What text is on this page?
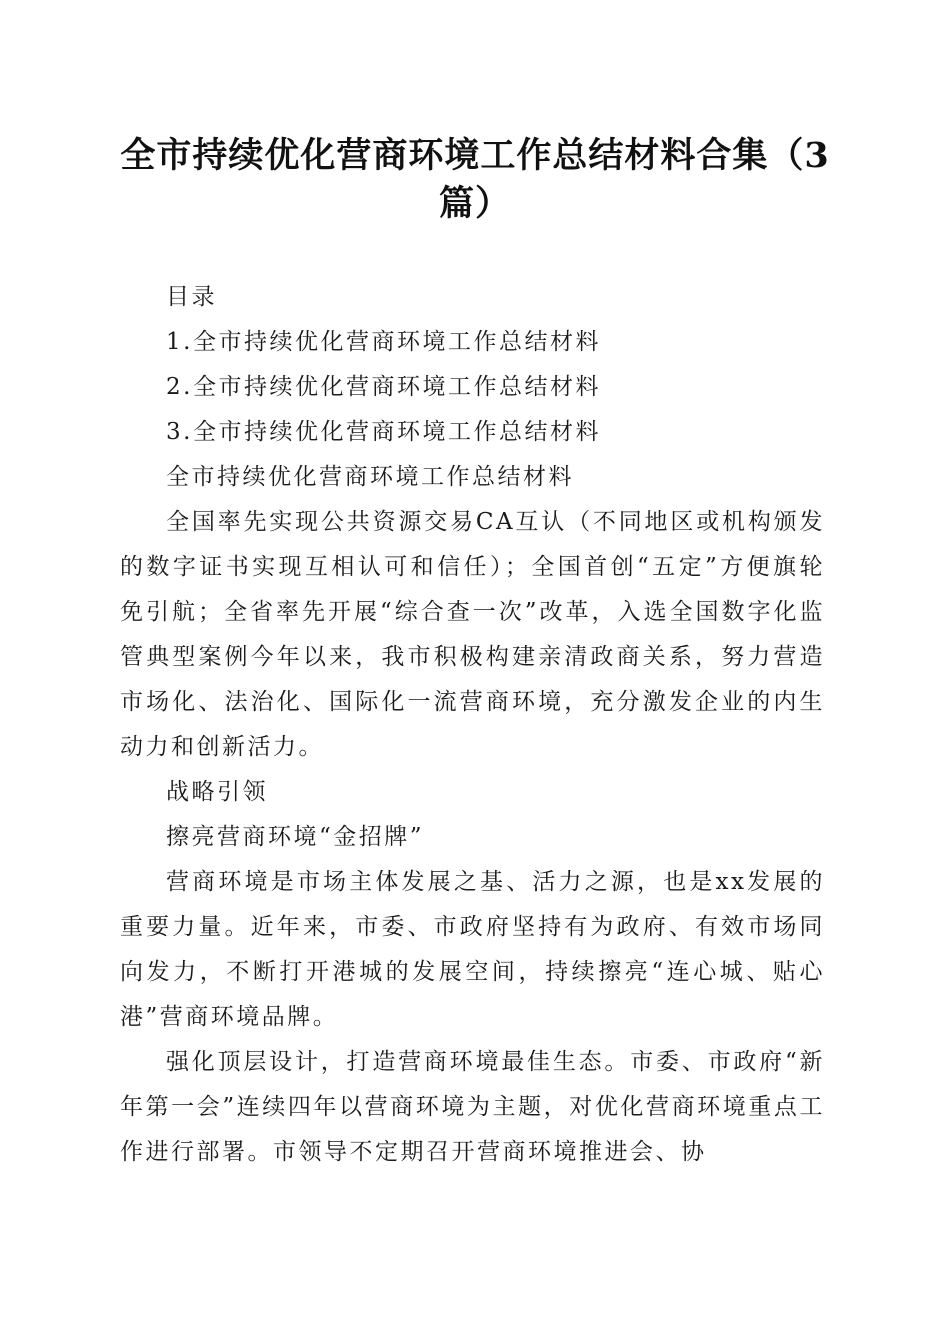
全市持续优化营商环境工作总结材料合集（3篇）

目录

1.全市持续优化营商环境工作总结材料

2.全市持续优化营商环境工作总结材料

3.全市持续优化营商环境工作总结材料

全市持续优化营商环境工作总结材料

全国率先实现公共资源交易CA互认（不同地区或机构颁发的数字证书实现互相认可和信任）；全国首创“五定”方便旗轮免引航；全省率先开展“综合查一次”改革，入选全国数字化监管典型案例今年以来，我市积极构建亲清政商关系，努力营造市场化、法治化、国际化一流营商环境，充分激发企业的内生动力和创新活力。

战略引领

擦亮营商环境“金招牌”

营商环境是市场主体发展之基、活力之源，也是xx发展的重要力量。近年来，市委、市政府坚持有为政府、有效市场同向发力，不断打开港城的发展空间，持续擦亮“连心城、贴心港”营商环境品牌。

强化顶层设计，打造营商环境最佳生态。市委、市政府“新年第一会”连续四年以营商环境为主题，对优化营商环境重点工作进行部署。市领导不定期召开营商环境推进会、协
